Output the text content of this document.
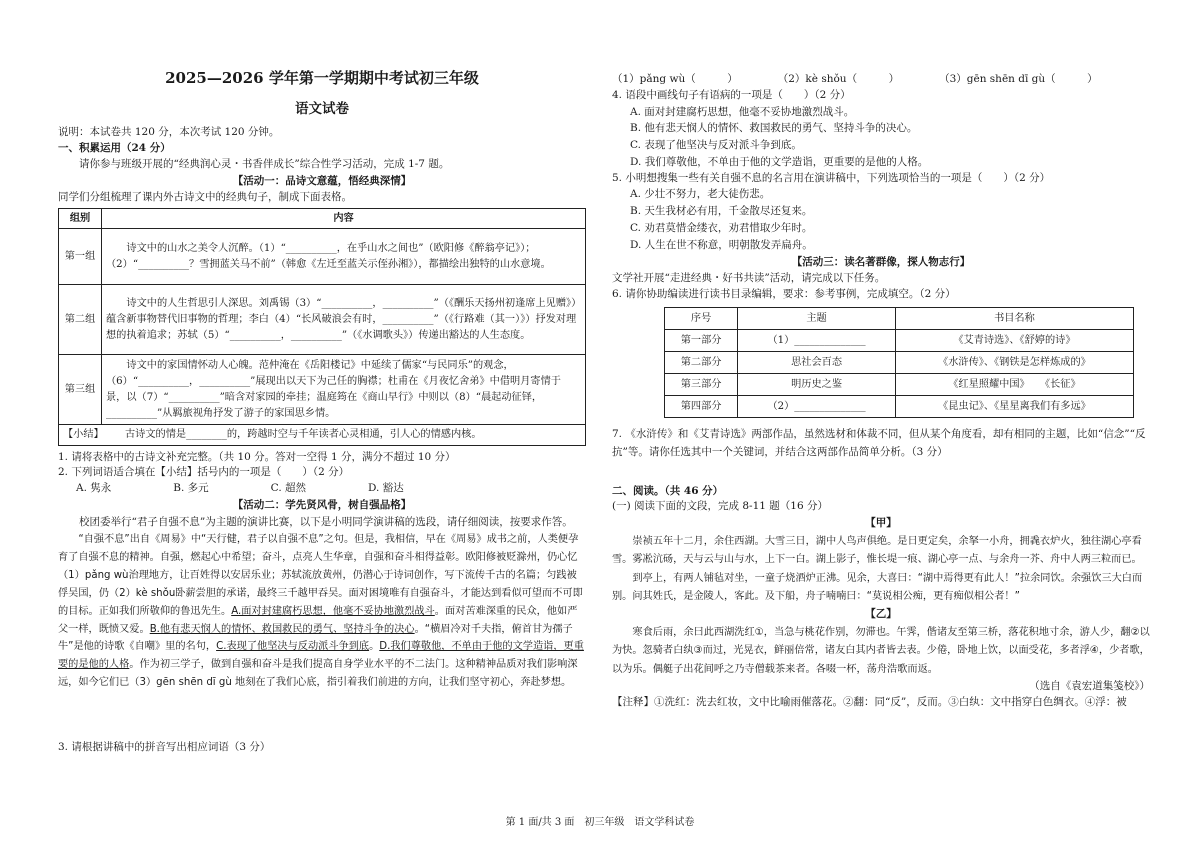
2025—2026 学年第一学期期中考试初三年级

语文试卷

说明：本试卷共 120 分，本次考试 120 分钟。

一、积累运用（24 分）

请你参与班级开展的“经典润心灵・书香伴成长”综合性学习活动，完成 1-7 题。

【活动一：品诗文意蕴，悟经典深情】

同学们分组梳理了课内外古诗文中的经典句子，制成下面表格。

组别	内容
第一组	诗文中的山水之美令人沉醉。（1）“__________，在乎山水之间也”（欧阳修《醉翁亭记》）；（2）“__________？雪拥蓝关马不前”（韩愈《左迁至蓝关示侄孙湘》），都描绘出独特的山水意境。
第二组	诗文中的人生哲思引人深思。刘禹锡（3）“__________，__________”（《酬乐天扬州初逢席上见赠》）蕴含新事物替代旧事物的哲理；李白（4）“长风破浪会有时，__________”（《行路难（其一）》）抒发对理想的执着追求；苏轼（5）“__________，__________”（《水调歌头》）传递出豁达的人生态度。
第三组	诗文中的家国情怀动人心魄。范仲淹在《岳阳楼记》中延续了儒家“与民同乐”的观念，（6）“__________，__________”展现出以天下为己任的胸襟；杜甫在《月夜忆舍弟》中借明月寄情于景，以（7）“__________”暗含对家园的牵挂；温庭筠在《商山早行》中则以（8）“晨起动征铎，__________”从羁旅视角抒发了游子的家国思乡情。
【小结】 古诗文的情是________的，跨越时空与千年读者心灵相通，引人心的情感内核。	

1. 请将表格中的古诗文补充完整。（共 10 分。答对一空得 1 分，满分不超过 10 分）

2. 下列词语适合填在【小结】括号内的一项是（　　）（2 分）

A. 隽永	B. 多元	C. 超然	D. 豁达

【活动二：学先贤风骨，树自强品格】

校团委举行“君子自强不息”为主题的演讲比赛，以下是小明同学演讲稿的选段，请仔细阅读，按要求作答。

“自强不息”出自《周易》中“天行健，君子以自强不息”之句。但是，我相信，早在《周易》成书之前，人类便孕育了自强不息的精神。自强，燃起心中希望；奋斗，点亮人生华章，自强和奋斗相得益彰。欧阳修被贬滁州，仍心忆（1）pǎng wù治理地方，让百姓得以安居乐业；苏轼流放黄州，仍潜心于诗词创作，写下流传千古的名篇；匀践被俘吴国，仍（2）kè shǒu卧薪尝胆的承诺，最终三千越甲吞吴。面对困境唯有自强奋斗，才能达到看似可望而不可即的目标。正如我们所敬仰的鲁迅先生。A.面对封建腐朽思想，他毫不妥协地激烈战斗。面对苦难深重的民众，他如严父一样，既愤又爱。B.他有悲天悯人的情怀、救国救民的勇气、坚持斗争的决心。“横眉冷对千夫指，俯首甘为孺子牛”是他的诗歌《自嘲》里的名句，C.表现了他坚决与反动派斗争到底。D.我们尊敬他，不单由于他的文学造诣，更重要的是他的人格。作为初三学子，做到自强和奋斗是我们提高自身学业水平的不二法门。这种精神品质对我们影响深远，如今它们已（3）gēn shēn dī gù 地刻在了我们心底，指引着我们前进的方向，让我们坚守初心，奔赴梦想。

3. 请根据讲稿中的拼音写出相应词语（3 分）

（1）pǎng wù（　　　）	（2）kè shǒu（　　　）	（3）gēn shēn dī gù（　　　）

4. 语段中画线句子有语病的一项是（　　）（2 分）

A. 面对封建腐朽思想，他毫不妥协地激烈战斗。

B. 他有悲天悯人的情怀、救国救民的勇气、坚持斗争的决心。

C. 表现了他坚决与反对派斗争到底。

D. 我们尊敬他，不单由于他的文学造诣，更重要的是他的人格。

5. 小明想搜集一些有关自强不息的名言用在演讲稿中，下列选项恰当的一项是（　　）（2 分）

A. 少壮不努力，老大徒伤悲。

B. 天生我材必有用，千金散尽还复来。

C. 劝君莫惜金缕衣，劝君惜取少年时。

D. 人生在世不称意，明朝散发弄扁舟。

【活动三：读名著群像，探人物志行】

文学社开展“走进经典・好书共读”活动，请完成以下任务。

6. 请你协助编读进行读书目录编辑，要求：参考事例，完成填空。（2 分）

序号	主题	书目名称
第一部分	（1）______________	《艾青诗选》、《舒婷的诗》
第二部分	思社会百态	《水浒传》、《钢铁是怎样炼成的》
第三部分	明历史之鉴	《红星照耀中国》　　《长征》
第四部分	（2）______________	《昆虫记》、《星星离我们有多远》

7. 《水浒传》和《艾青诗选》两部作品，虽然选材和体裁不同，但从某个角度看，却有相同的主题，比如“信念”“反抗”等。请你任选其中一个关键词，并结合这两部作品简单分析。（3 分）

二、阅读。（共 46 分）

(一) 阅读下面的文段，完成 8-11 题（16 分）

【甲】

崇祯五年十二月，余住西湖。大雪三日，湖中人鸟声俱绝。是日更定矣，余拏一小舟，拥毳衣炉火，独往湖心亭看雪。雾凇沆砀，天与云与山与水，上下一白。湖上影子，惟长堤一痕、湖心亭一点、与余舟一芥、舟中人两三粒而已。

到亭上，有两人铺毡对坐，一童子烧酒炉正沸。见余，大喜曰：“湖中焉得更有此人！”拉余同饮。余强饮三大白而别。问其姓氏，是金陵人，客此。及下船，舟子喃喃曰：“莫说相公痴，更有痴似相公者！”

【乙】

寒食后雨，余曰此西湖洗红①，当急与桃花作别，勿滞也。午霁，偕诸友至第三桥，落花积地寸余，游人少，翻②以为快。忽骑者白纨③而过，光晃衣，鲜丽倍常，诸友白其内者皆去表。少倦，卧地上饮，以面受花，多者浮④，少者歌，以为乐。偶艇子出花间呼之乃寺僧载茶来者。各啜一杯，荡舟浩歌而返。

（选自《袁宏道集笺校》）

【注释】①洗红：洗去红妆，文中比喻雨催落花。②翻：同“反”，反而。③白纨：文中指穿白色绸衣。④浮：被

第 1 面/共 3 面　初三年级　语文学科试卷
